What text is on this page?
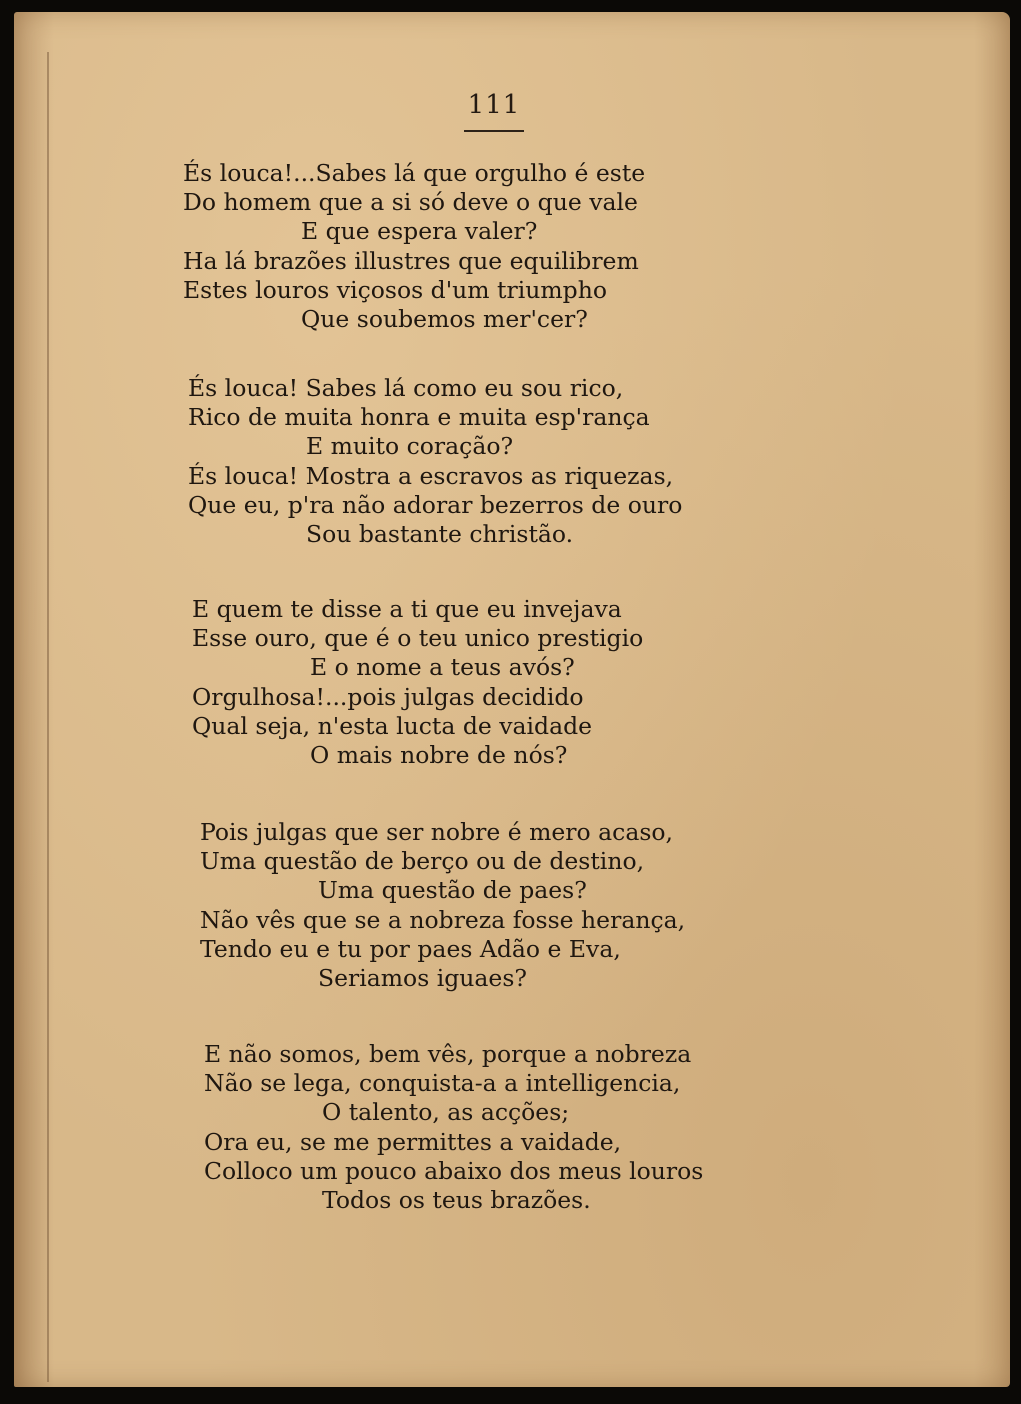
111
És louca!...Sabes lá que orgulho é este
Do homem que a si só deve o que vale
E que espera valer?
Ha lá brazões illustres que equilibrem
Estes louros viçosos d'um triumpho
Que soubemos mer'cer?
És louca! Sabes lá como eu sou rico,
Rico de muita honra e muita esp'rança
E muito coração?
És louca! Mostra a escravos as riquezas,
Que eu, p'ra não adorar bezerros de ouro
Sou bastante christão.
E quem te disse a ti que eu invejava
Esse ouro, que é o teu unico prestigio
E o nome a teus avós?
Orgulhosa!...pois julgas decidido
Qual seja, n'esta lucta de vaidade
O mais nobre de nós?
Pois julgas que ser nobre é mero acaso,
Uma questão de berço ou de destino,
Uma questão de paes?
Não vês que se a nobreza fosse herança,
Tendo eu e tu por paes Adão e Eva,
Seriamos iguaes?
E não somos, bem vês, porque a nobreza
Não se lega, conquista-a a intelligencia,
O talento, as acções;
Ora eu, se me permittes a vaidade,
Colloco um pouco abaixo dos meus louros
Todos os teus brazões.
